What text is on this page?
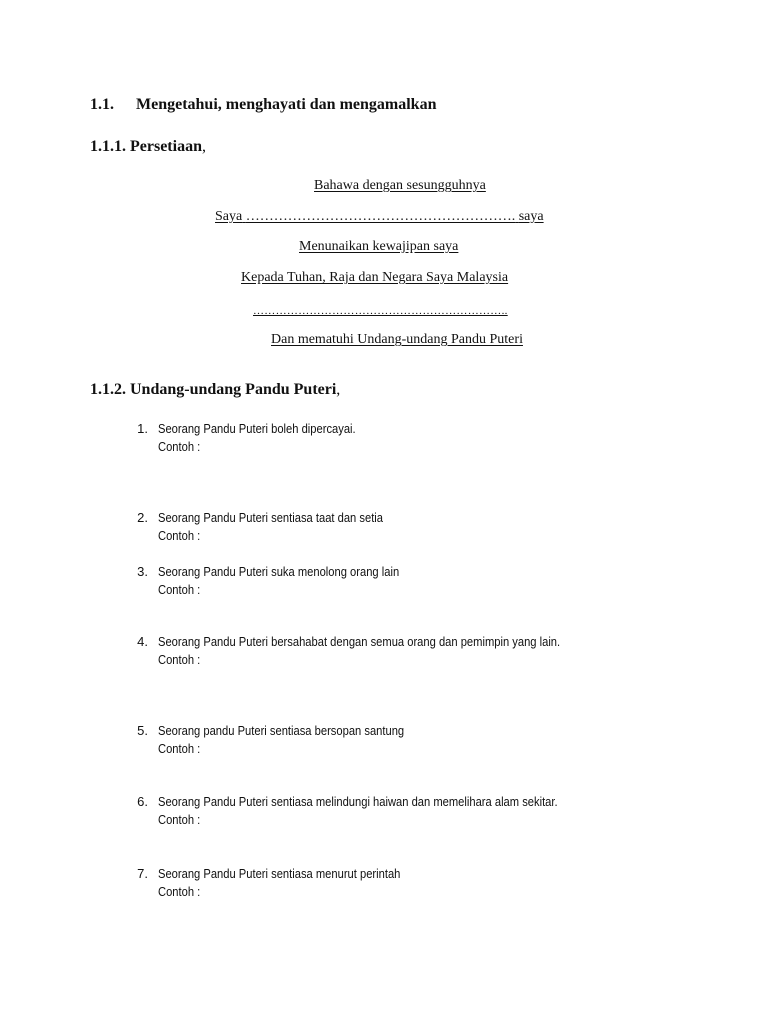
1.1. Mengetahui, menghayati dan mengamalkan
1.1.1. Persetiaan,
Bahawa dengan sesungguhnya
Saya …………………………………………………. saya
Menunaikan kewajipan saya
Kepada Tuhan, Raja dan Negara Saya Malaysia
…………………………………………………………..
Dan mematuhi Undang-undang Pandu Puteri
1.1.2. Undang-undang Pandu Puteri,
1. Seorang Pandu Puteri boleh dipercayai.
Contoh :
2. Seorang Pandu Puteri sentiasa taat dan setia
Contoh :
3. Seorang Pandu Puteri suka menolong orang lain
Contoh :
4. Seorang Pandu Puteri bersahabat dengan semua orang dan pemimpin yang lain.
Contoh :
5. Seorang pandu Puteri sentiasa bersopan santung
Contoh :
6. Seorang Pandu Puteri sentiasa melindungi haiwan dan memelihara alam sekitar.
Contoh :
7. Seorang Pandu Puteri sentiasa menurut perintah
Contoh :
